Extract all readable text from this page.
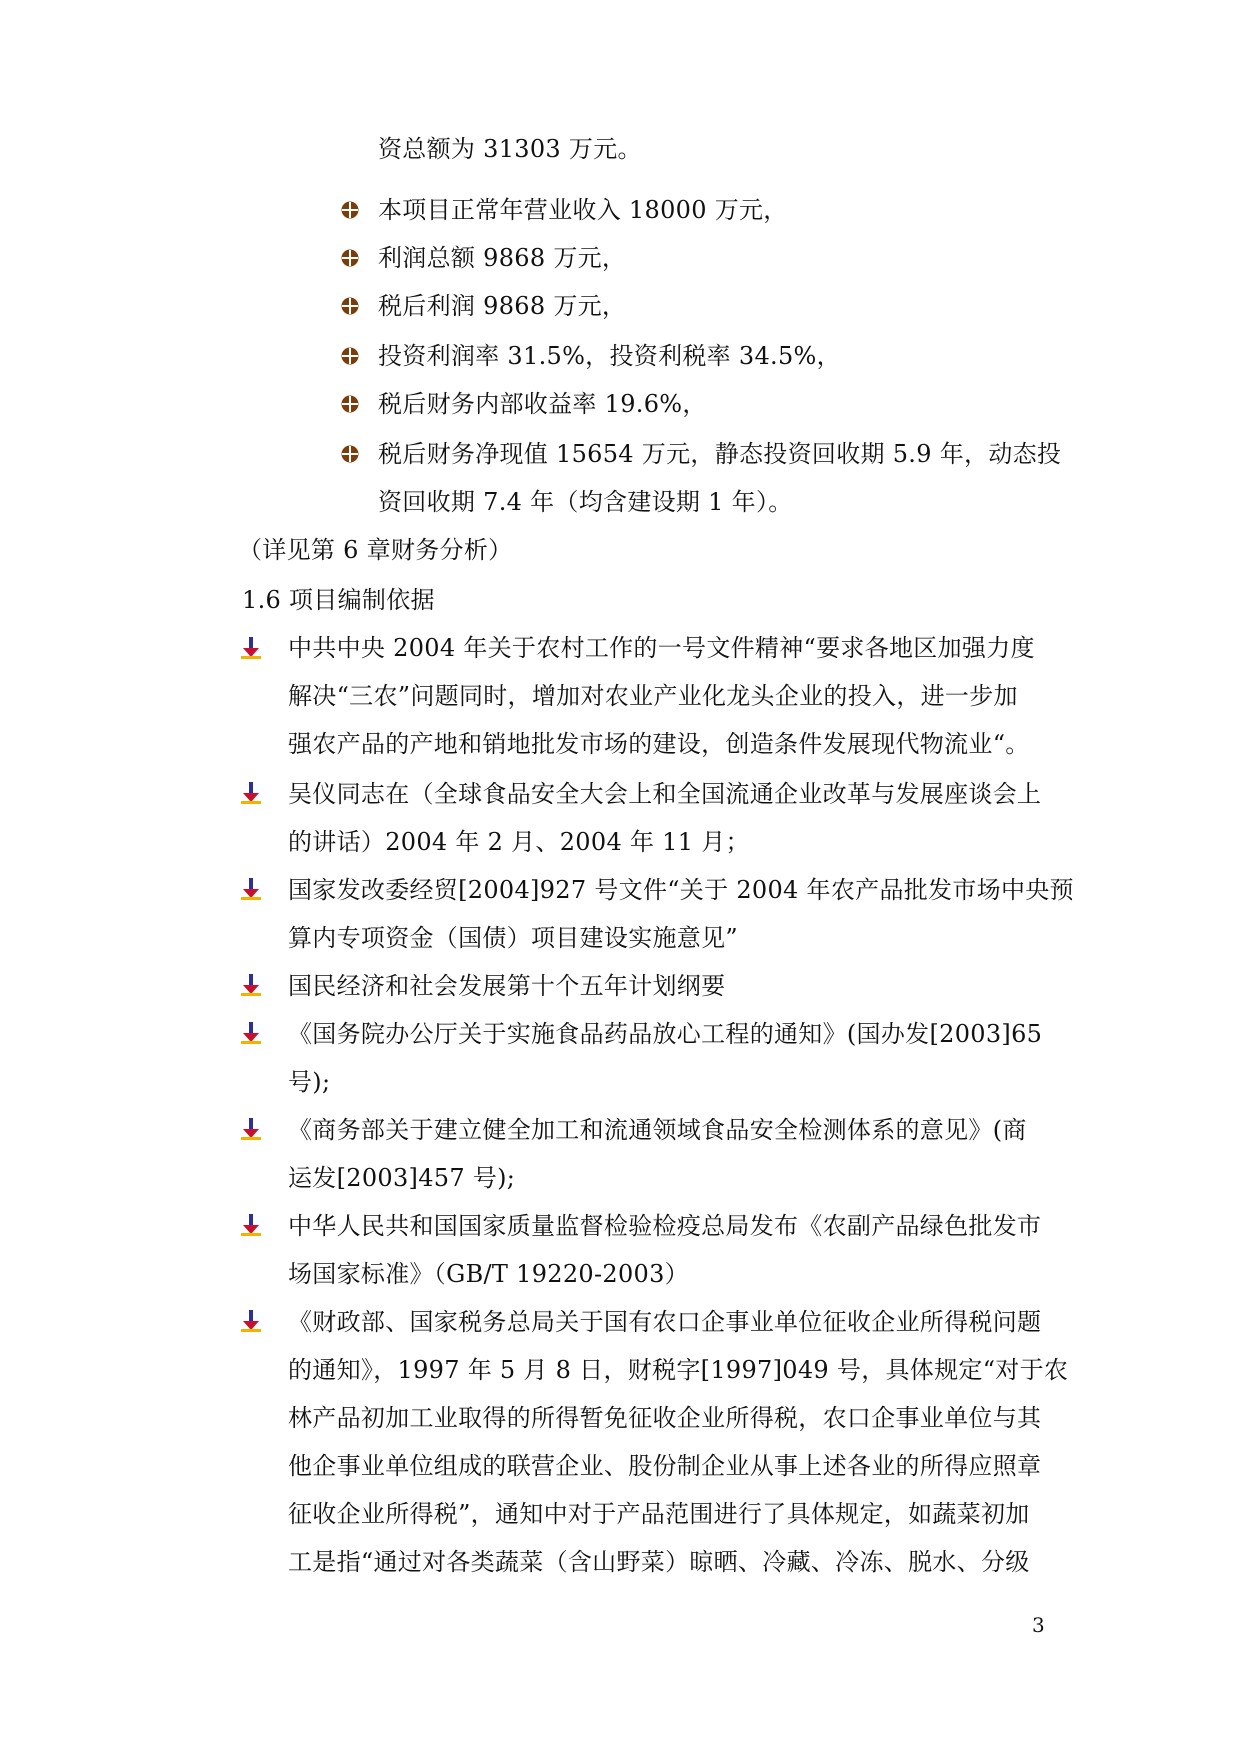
资总额为 31303 万元。
本项目正常年营业收入 18000 万元，
利润总额 9868 万元，
税后利润 9868 万元，
投资利润率 31.5%，投资利税率 34.5%，
税后财务内部收益率 19.6%，
税后财务净现值 15654 万元，静态投资回收期 5.9 年，动态投
资回收期 7.4 年（均含建设期 1 年）。
（详见第 6 章财务分析）
1.6 项目编制依据
中共中央 2004 年关于农村工作的一号文件精神“要求各地区加强力度
解决“三农”问题同时，增加对农业产业化龙头企业的投入，进一步加
强农产品的产地和销地批发市场的建设，创造条件发展现代物流业“。
吴仪同志在（全球食品安全大会上和全国流通企业改革与发展座谈会上
的讲话）2004 年 2 月、2004 年 11 月；
国家发改委经贸[2004]927 号文件“关于 2004 年农产品批发市场中央预
算内专项资金（国债）项目建设实施意见”
国民经济和社会发展第十个五年计划纲要
《国务院办公厅关于实施食品药品放心工程的通知》(国办发[2003]65
号);
《商务部关于建立健全加工和流通领域食品安全检测体系的意见》(商
运发[2003]457 号);
中华人民共和国国家质量监督检验检疫总局发布《农副产品绿色批发市
场国家标准》（GB/T 19220-2003）
《财政部、国家税务总局关于国有农口企事业单位征收企业所得税问题
的通知》，1997 年 5 月 8 日，财税字[1997]049 号，具体规定“对于农
林产品初加工业取得的所得暂免征收企业所得税，农口企事业单位与其
他企事业单位组成的联营企业、股份制企业从事上述各业的所得应照章
征收企业所得税”，通知中对于产品范围进行了具体规定，如蔬菜初加
工是指“通过对各类蔬菜（含山野菜）晾晒、冷藏、冷冻、脱水、分级
3
